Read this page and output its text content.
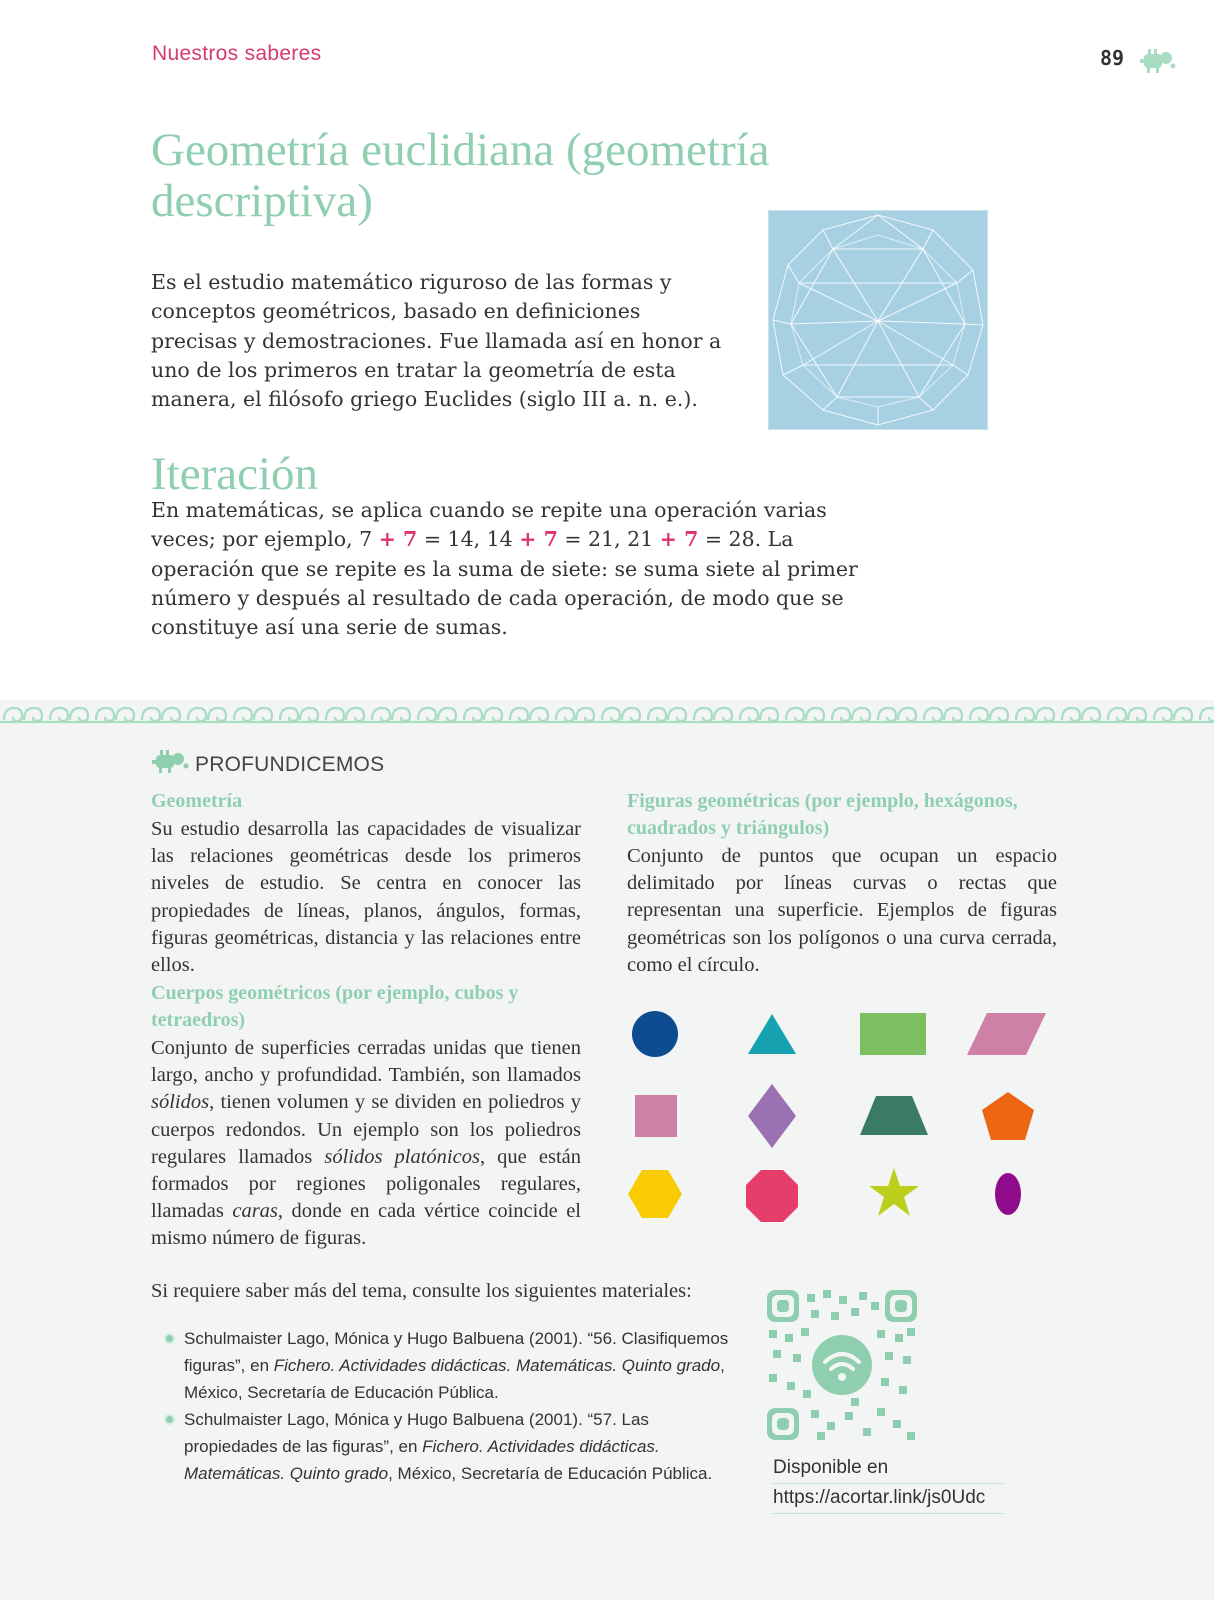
Nuestros saberes	89
Geometría euclidiana (geometría descriptiva)
Es el estudio matemático riguroso de las formas y conceptos geométricos, basado en definiciones precisas y demostraciones. Fue llamada así en honor a uno de los primeros en tratar la geometría de esta manera, el filósofo griego Euclides (siglo III a. n. e.).
Iteración
En matemáticas, se aplica cuando se repite una operación varias veces; por ejemplo, 7 + 7 = 14, 14 + 7 = 21, 21 + 7 = 28. La operación que se repite es la suma de siete: se suma siete al primer número y después al resultado de cada operación, de modo que se constituye así una serie de sumas.
PROFUNDICEMOS
Geometría
Su estudio desarrolla las capacidades de visualizar las relaciones geométricas desde los primeros niveles de estudio. Se centra en conocer las propiedades de líneas, planos, ángulos, formas, figuras geométricas, distancia y las relaciones entre ellos.
Cuerpos geométricos (por ejemplo, cubos y tetraedros)
Conjunto de superficies cerradas unidas que tienen largo, ancho y profundidad. También, son llamados sólidos, tienen volumen y se dividen en poliedros y cuerpos redondos. Un ejemplo son los poliedros regulares llamados sólidos platónicos, que están formados por regiones poligonales regulares, llamadas caras, donde en cada vértice coincide el mismo número de figuras.
Figuras geométricas (por ejemplo, hexágonos, cuadrados y triángulos)
Conjunto de puntos que ocupan un espacio delimitado por líneas curvas o rectas que representan una superficie. Ejemplos de figuras geométricas son los polígonos o una curva cerrada, como el círculo.
Si requiere saber más del tema, consulte los siguientes materiales:
Schulmaister Lago, Mónica y Hugo Balbuena (2001). “56. Clasifiquemos figuras”, en Fichero. Actividades didácticas. Matemáticas. Quinto grado, México, Secretaría de Educación Pública.
Schulmaister Lago, Mónica y Hugo Balbuena (2001). “57. Las propiedades de las figuras”, en Fichero. Actividades didácticas. Matemáticas. Quinto grado, México, Secretaría de Educación Pública.	Disponible en
https://acortar.link/js0Udc
